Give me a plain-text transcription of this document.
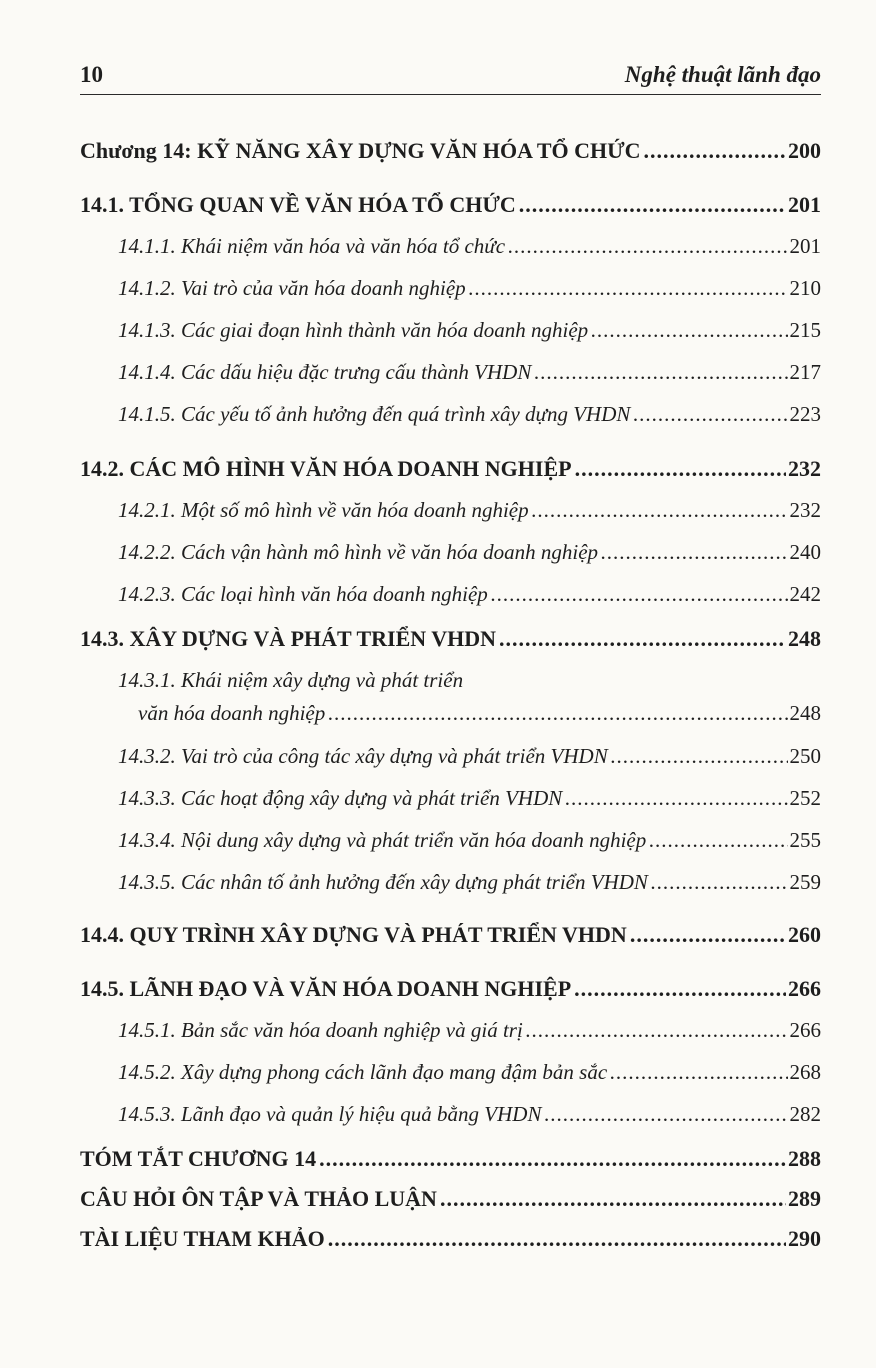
10	Nghệ thuật lãnh đạo
Chương 14: KỸ NĂNG XÂY DỰNG VĂN HÓA TỔ CHỨC .....	200
14.1. TỔNG QUAN VỀ VĂN HÓA TỔ CHỨC .....	201
14.1.1. Khái niệm văn hóa và văn hóa tổ chức .....	201
14.1.2. Vai trò của văn hóa doanh nghiệp .....	210
14.1.3. Các giai đoạn hình thành văn hóa doanh nghiệp .....	215
14.1.4. Các dấu hiệu đặc trưng cấu thành VHDN .....	217
14.1.5. Các yếu tố ảnh hưởng đến quá trình xây dựng VHDN .....	223
14.2. CÁC MÔ HÌNH VĂN HÓA DOANH NGHIỆP .....	232
14.2.1. Một số mô hình về văn hóa doanh nghiệp .....	232
14.2.2. Cách vận hành mô hình về văn hóa doanh nghiệp .....	240
14.2.3. Các loại hình văn hóa doanh nghiệp .....	242
14.3. XÂY DỰNG VÀ PHÁT TRIỂN VHDN .....	248
14.3.1. Khái niệm xây dựng và phát triển
văn hóa doanh nghiệp .....	248
14.3.2. Vai trò của công tác xây dựng và phát triển VHDN .....	250
14.3.3. Các hoạt động xây dựng và phát triển VHDN .....	252
14.3.4. Nội dung xây dựng và phát triển văn hóa doanh nghiệp .....	255
14.3.5. Các nhân tố ảnh hưởng đến xây dựng phát triển VHDN .....	259
14.4. QUY TRÌNH XÂY DỰNG VÀ PHÁT TRIỂN VHDN .....	260
14.5. LÃNH ĐẠO VÀ VĂN HÓA DOANH NGHIỆP .....	266
14.5.1. Bản sắc văn hóa doanh nghiệp và giá trị .....	266
14.5.2. Xây dựng phong cách lãnh đạo mang đậm bản sắc .....	268
14.5.3. Lãnh đạo và quản lý hiệu quả bằng VHDN .....	282
TÓM TẮT CHƯƠNG 14 .....	288
CÂU HỎI ÔN TẬP VÀ THẢO LUẬN .....	289
TÀI LIỆU THAM KHẢO .....	290
